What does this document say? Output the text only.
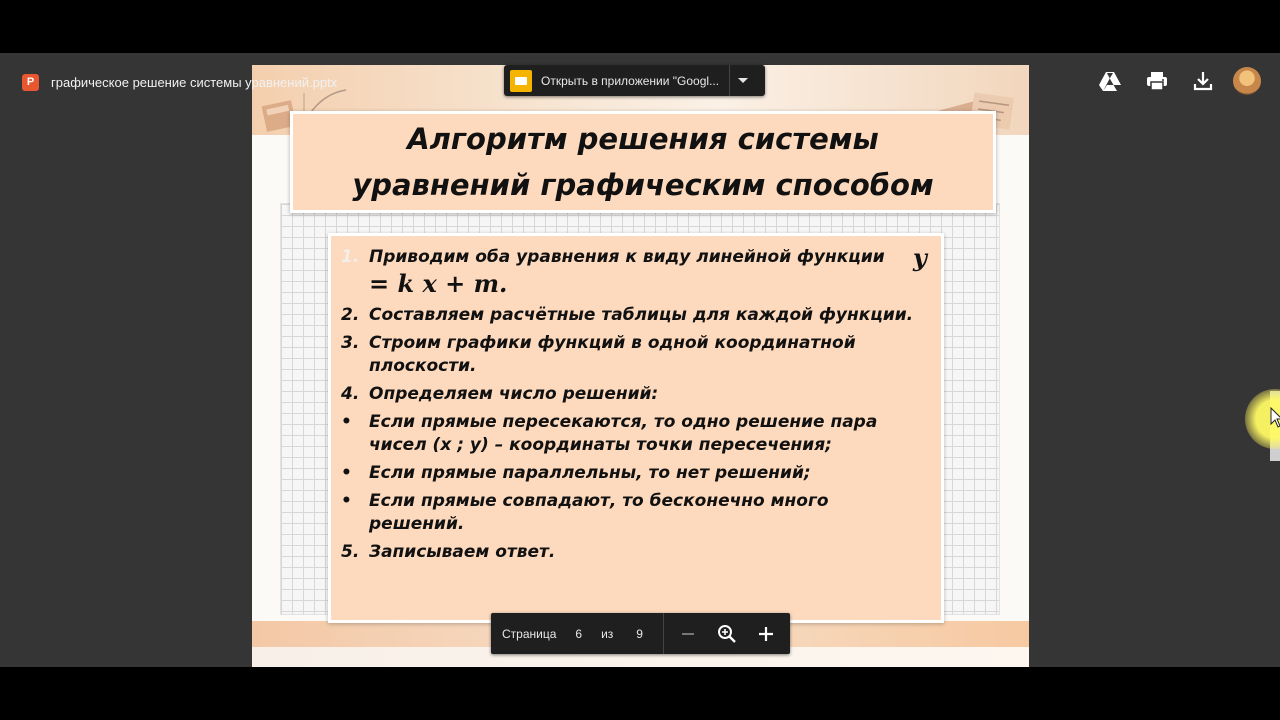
P	графическое решение системы уравнений.pptx
Алгоритм решения системы
уравнений графическим способом
1. Приводим оба уравнения к виду линейной функции y
= k x + m.
2. Составляем расчётные таблицы для каждой функции.
3. Строим графики функций в одной координатной плоскости.
4. Определяем число решений:
•	Если прямые пересекаются, то одно решение пара чисел (x ; y) – координаты точки пересечения;
•	Если прямые параллельны, то нет решений;
•	Если прямые совпадают, то бесконечно много решений.
5. Записываем ответ.
Открыть в приложении "Googl...
Страница 6 из 9
